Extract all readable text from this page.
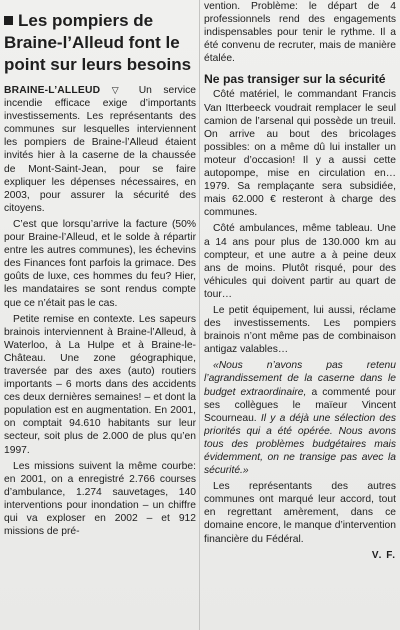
Les pompiers de Braine-l’Alleud font le point sur leurs besoins

BRAINE-L’ALLEUD ▽ Un service incendie efficace exige d’importants investissements. Les représentants des communes sur lesquelles interviennent les pompiers de Braine-l’Alleud étaient invités hier à la caserne de la chaussée de Mont-Saint-Jean, pour se faire expliquer les dépenses nécessaires, en 2003, pour assurer la sécurité des citoyens.

C’est que lorsqu’arrive la facture (50% pour Braine-l’Alleud, et le solde à répartir entre les autres communes), les échevins des Finances font parfois la grimace. Des goûts de luxe, ces hommes du feu? Hier, les mandataires se sont rendus compte que ce n’était pas le cas.

Petite remise en contexte. Les sapeurs brainois interviennent à Braine-l’Alleud, à Waterloo, à La Hulpe et à Braine-le-Château. Une zone géographique, traversée par des axes (auto) routiers importants – 6 morts dans des accidents ces deux dernières semaines! – et dont la population est en augmentation. En 2001, on comptait 94.610 habitants sur leur secteur, soit plus de 2.000 de plus qu’en 1997.

Les missions suivent la même courbe: en 2001, on a enregistré 2.766 courses d’ambulance, 1.274 sauvetages, 140 interventions pour inondation – un chiffre qui va exploser en 2002 – et 912 missions de pré-

vention. Problème: le départ de 4 professionnels rend des engagements indispensables pour tenir le rythme. Il a été convenu de recruter, mais de manière étalée.

Ne pas transiger sur la sécurité

Côté matériel, le commandant Francis Van Itterbeeck voudrait remplacer le seul camion de l’arsenal qui possède un treuil. On arrive au bout des bricolages possibles: on a même dû lui installer un moteur d’occasion! Il y a aussi cette autopompe, mise en circulation en… 1979. Sa remplaçante sera subsidiée, mais 62.000 € resteront à charge des communes.

Côté ambulances, même tableau. Une a 14 ans pour plus de 130.000 km au compteur, et une autre a à peine deux ans de moins. Plutôt risqué, pour des véhicules qui doivent partir au quart de tour…

Le petit équipement, lui aussi, réclame des investissements. Les pompiers brainois n’ont même pas de combinaison antigaz valables…

«Nous n’avons pas retenu l’agrandissement de la caserne dans le budget extraordinaire, a commenté pour ses collègues le maïeur Vincent Scourneau. Il y a déjà une sélection des priorités qui a été opérée. Nous avons tous des problèmes budgétaires mais évidemment, on ne transige pas avec la sécurité.»

Les représentants des autres communes ont marqué leur accord, tout en regrettant amèrement, dans ce domaine encore, le manque d’intervention financière du Fédéral.

V. F.
